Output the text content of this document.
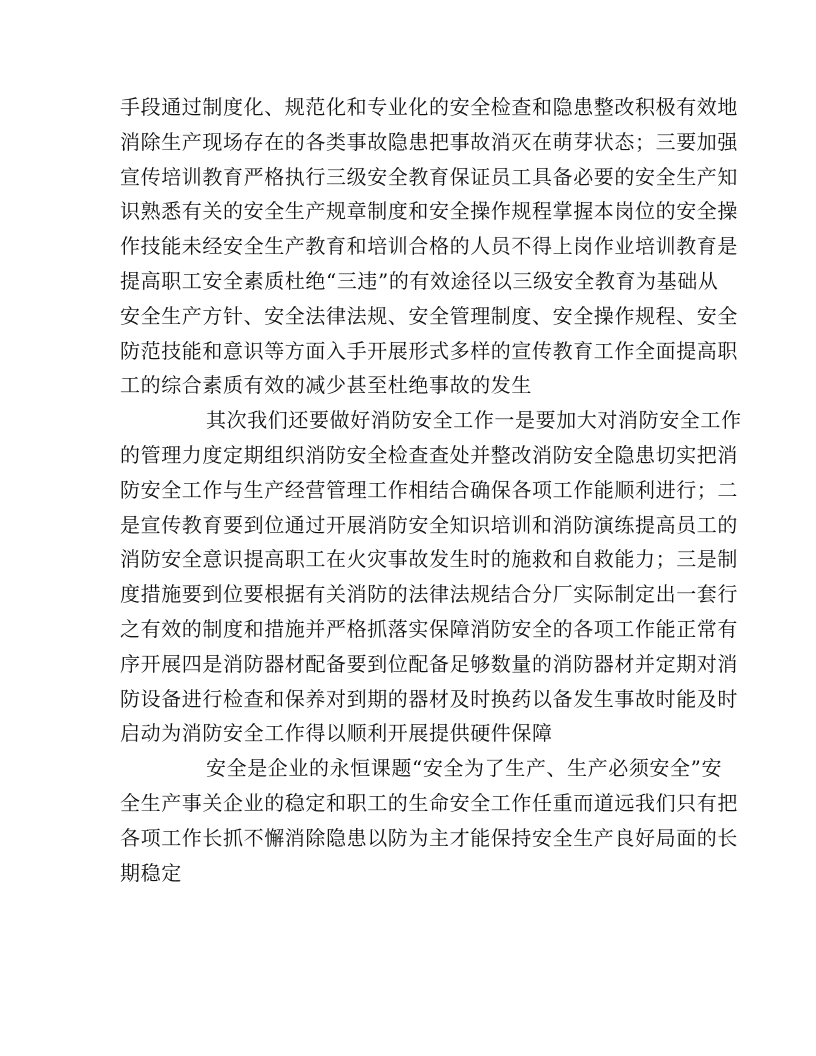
手段通过制度化、规范化和专业化的安全检查和隐患整改积极有效地
消除生产现场存在的各类事故隐患把事故消灭在萌芽状态；三要加强
宣传培训教育严格执行三级安全教育保证员工具备必要的安全生产知
识熟悉有关的安全生产规章制度和安全操作规程掌握本岗位的安全操
作技能未经安全生产教育和培训合格的人员不得上岗作业培训教育是
提高职工安全素质杜绝“三违”的有效途径以三级安全教育为基础从
安全生产方针、安全法律法规、安全管理制度、安全操作规程、安全
防范技能和意识等方面入手开展形式多样的宣传教育工作全面提高职
工的综合素质有效的减少甚至杜绝事故的发生
其次我们还要做好消防安全工作一是要加大对消防安全工作
的管理力度定期组织消防安全检查查处并整改消防安全隐患切实把消
防安全工作与生产经营管理工作相结合确保各项工作能顺利进行；二
是宣传教育要到位通过开展消防安全知识培训和消防演练提高员工的
消防安全意识提高职工在火灾事故发生时的施救和自救能力；三是制
度措施要到位要根据有关消防的法律法规结合分厂实际制定出一套行
之有效的制度和措施并严格抓落实保障消防安全的各项工作能正常有
序开展四是消防器材配备要到位配备足够数量的消防器材并定期对消
防设备进行检查和保养对到期的器材及时换药以备发生事故时能及时
启动为消防安全工作得以顺利开展提供硬件保障
安全是企业的永恒课题“安全为了生产、生产必须安全”安
全生产事关企业的稳定和职工的生命安全工作任重而道远我们只有把
各项工作长抓不懈消除隐患以防为主才能保持安全生产良好局面的长
期稳定
